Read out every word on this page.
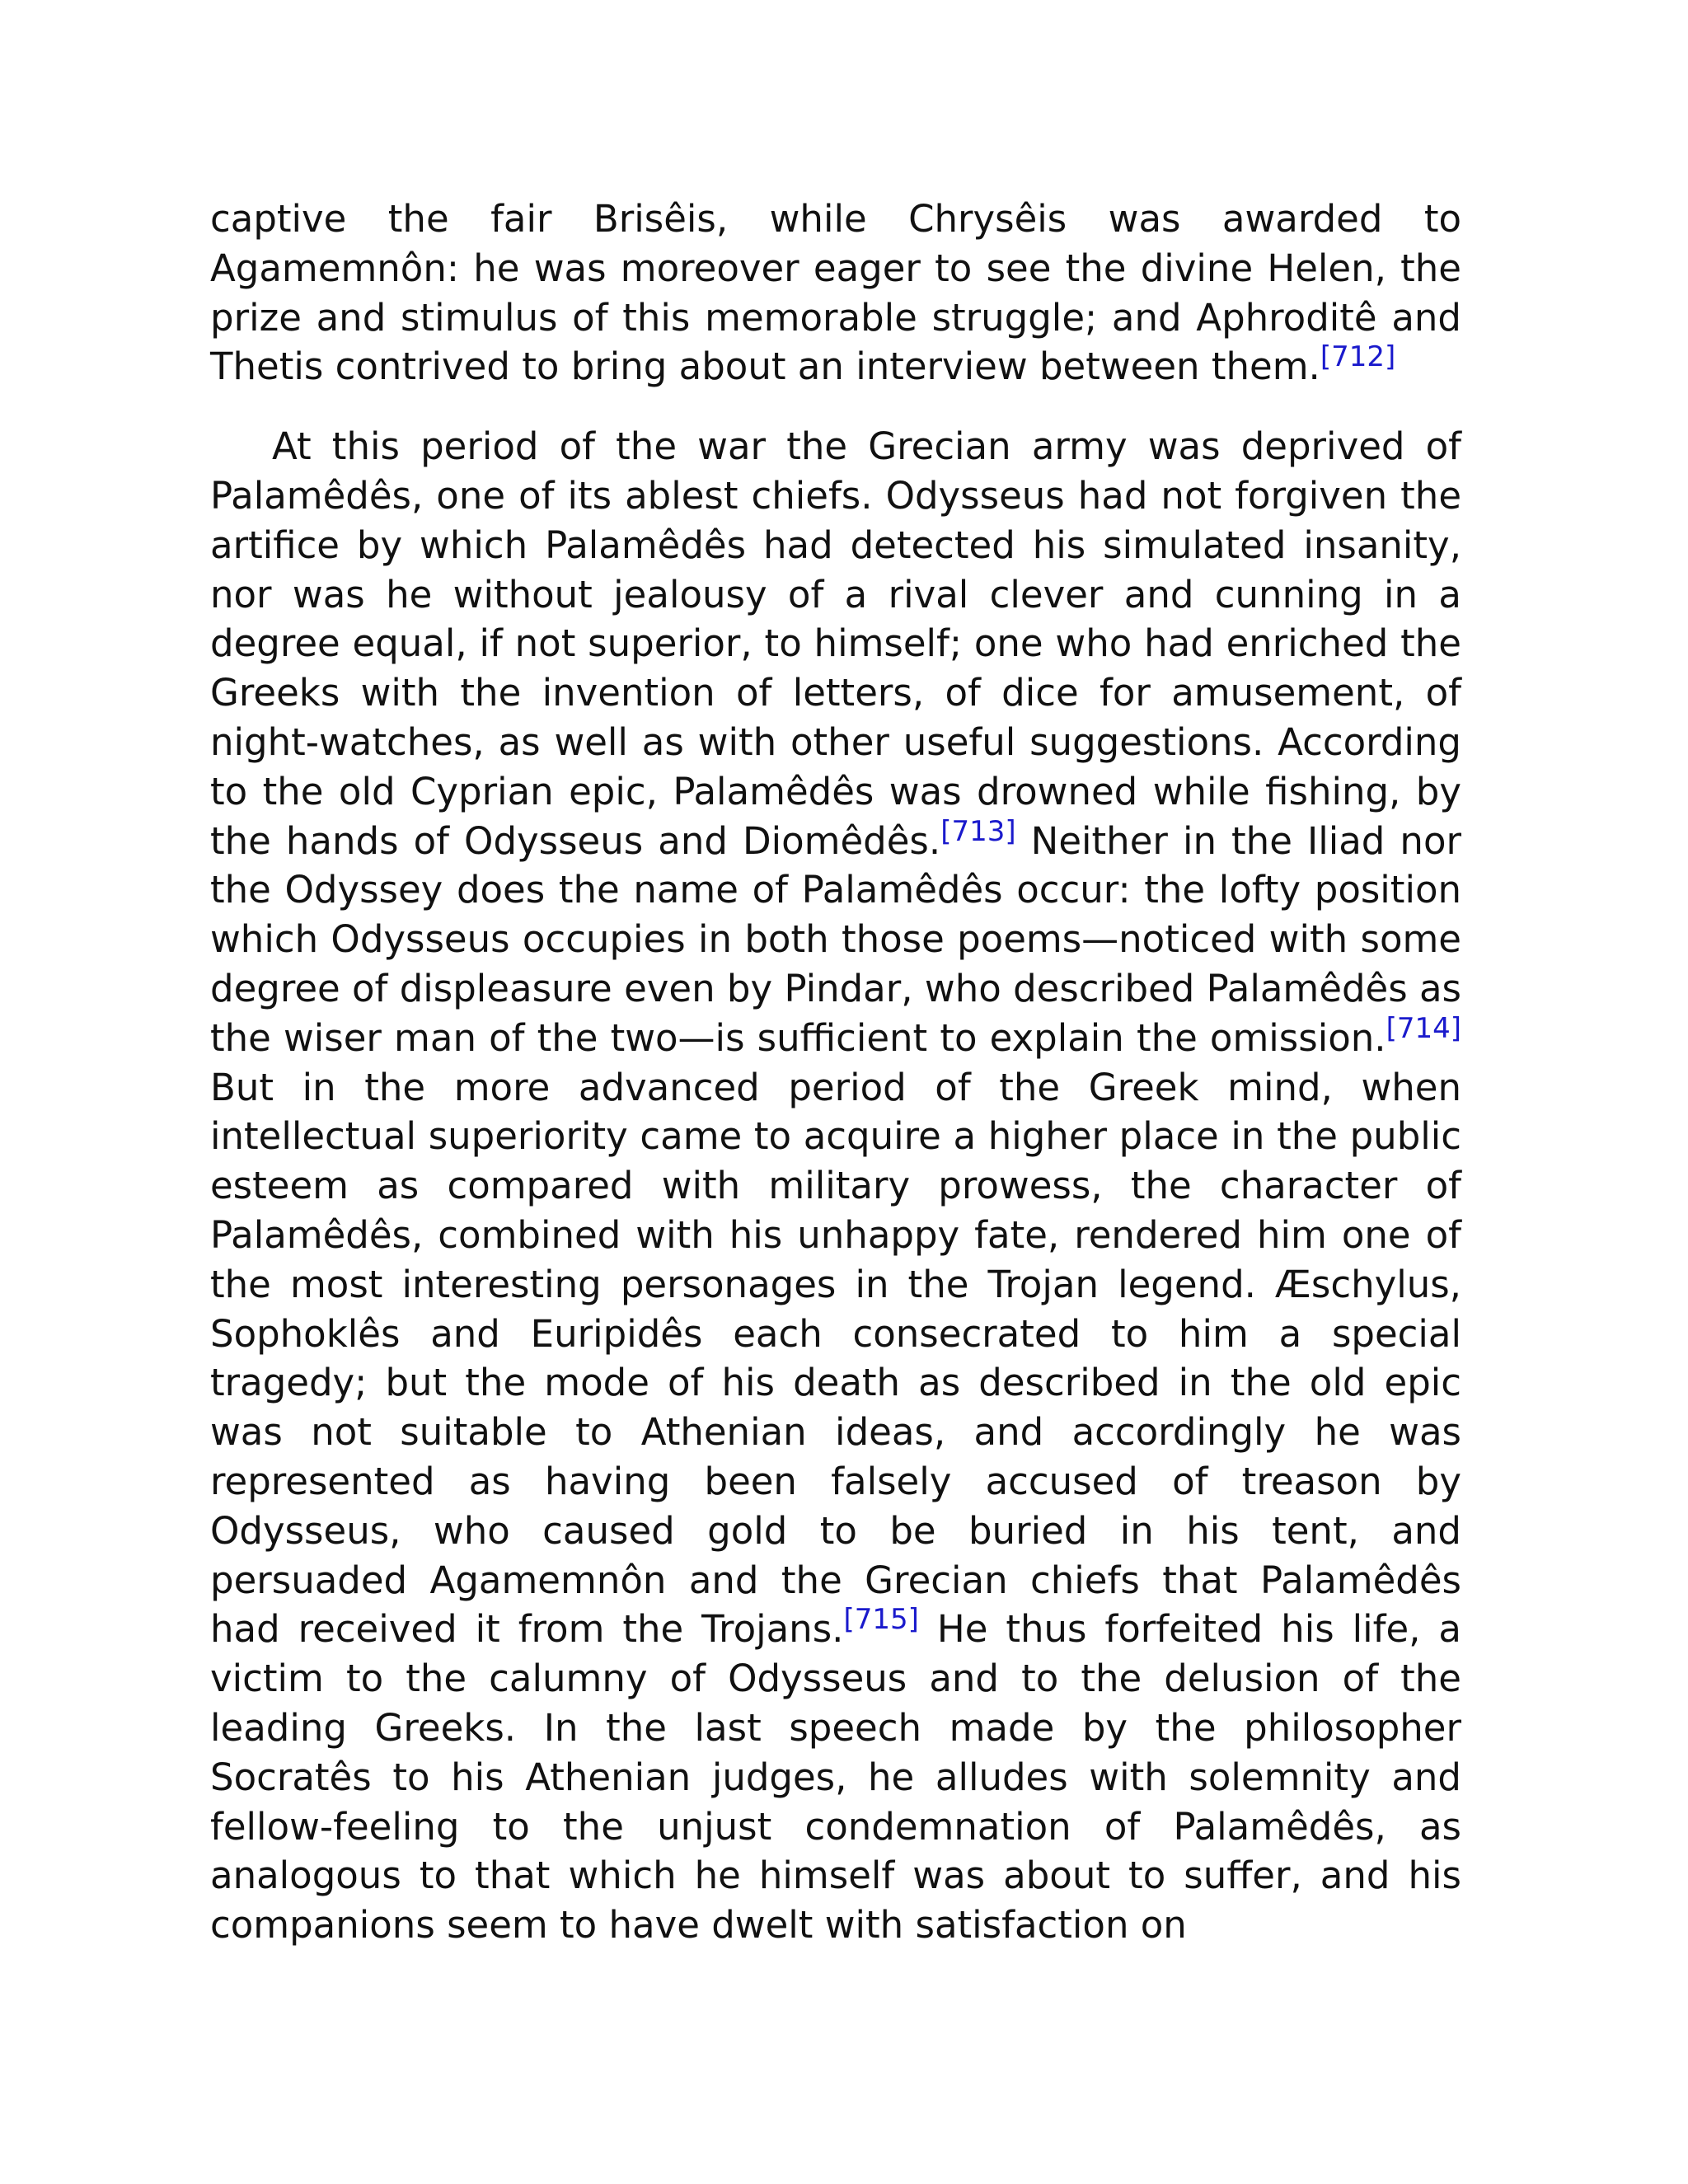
captive the fair Brisêis, while Chrysêis was awarded to Agamemnôn: he was moreover eager to see the divine Helen, the prize and stimulus of this memorable struggle; and Aphroditê and Thetis contrived to bring about an interview between them.[712]

At this period of the war the Grecian army was deprived of Palamêdês, one of its ablest chiefs. Odysseus had not forgiven the artifice by which Palamêdês had detected his simulated insanity, nor was he without jealousy of a rival clever and cunning in a degree equal, if not superior, to himself; one who had enriched the Greeks with the invention of letters, of dice for amusement, of night-watches, as well as with other useful suggestions. According to the old Cyprian epic, Palamêdês was drowned while fishing, by the hands of Odysseus and Diomêdês.[713] Neither in the Iliad nor the Odyssey does the name of Palamêdês occur: the lofty position which Odysseus occupies in both those poems—noticed with some degree of displeasure even by Pindar, who described Palamêdês as the wiser man of the two—is sufficient to explain the omission.[714] But in the more advanced period of the Greek mind, when intellectual superiority came to acquire a higher place in the public esteem as compared with military prowess, the character of Palamêdês, combined with his unhappy fate, rendered him one of the most interesting personages in the Trojan legend. Æschylus, Sophoklês and Euripidês each consecrated to him a special tragedy; but the mode of his death as described in the old epic was not suitable to Athenian ideas, and accordingly he was represented as having been falsely accused of treason by Odysseus, who caused gold to be buried in his tent, and persuaded Agamemnôn and the Grecian chiefs that Palamêdês had received it from the Trojans.[715] He thus forfeited his life, a victim to the calumny of Odysseus and to the delusion of the leading Greeks. In the last speech made by the philosopher Socratês to his Athenian judges, he alludes with solemnity and fellow-feeling to the unjust condemnation of Palamêdês, as analogous to that which he himself was about to suffer, and his companions seem to have dwelt with satisfaction on
